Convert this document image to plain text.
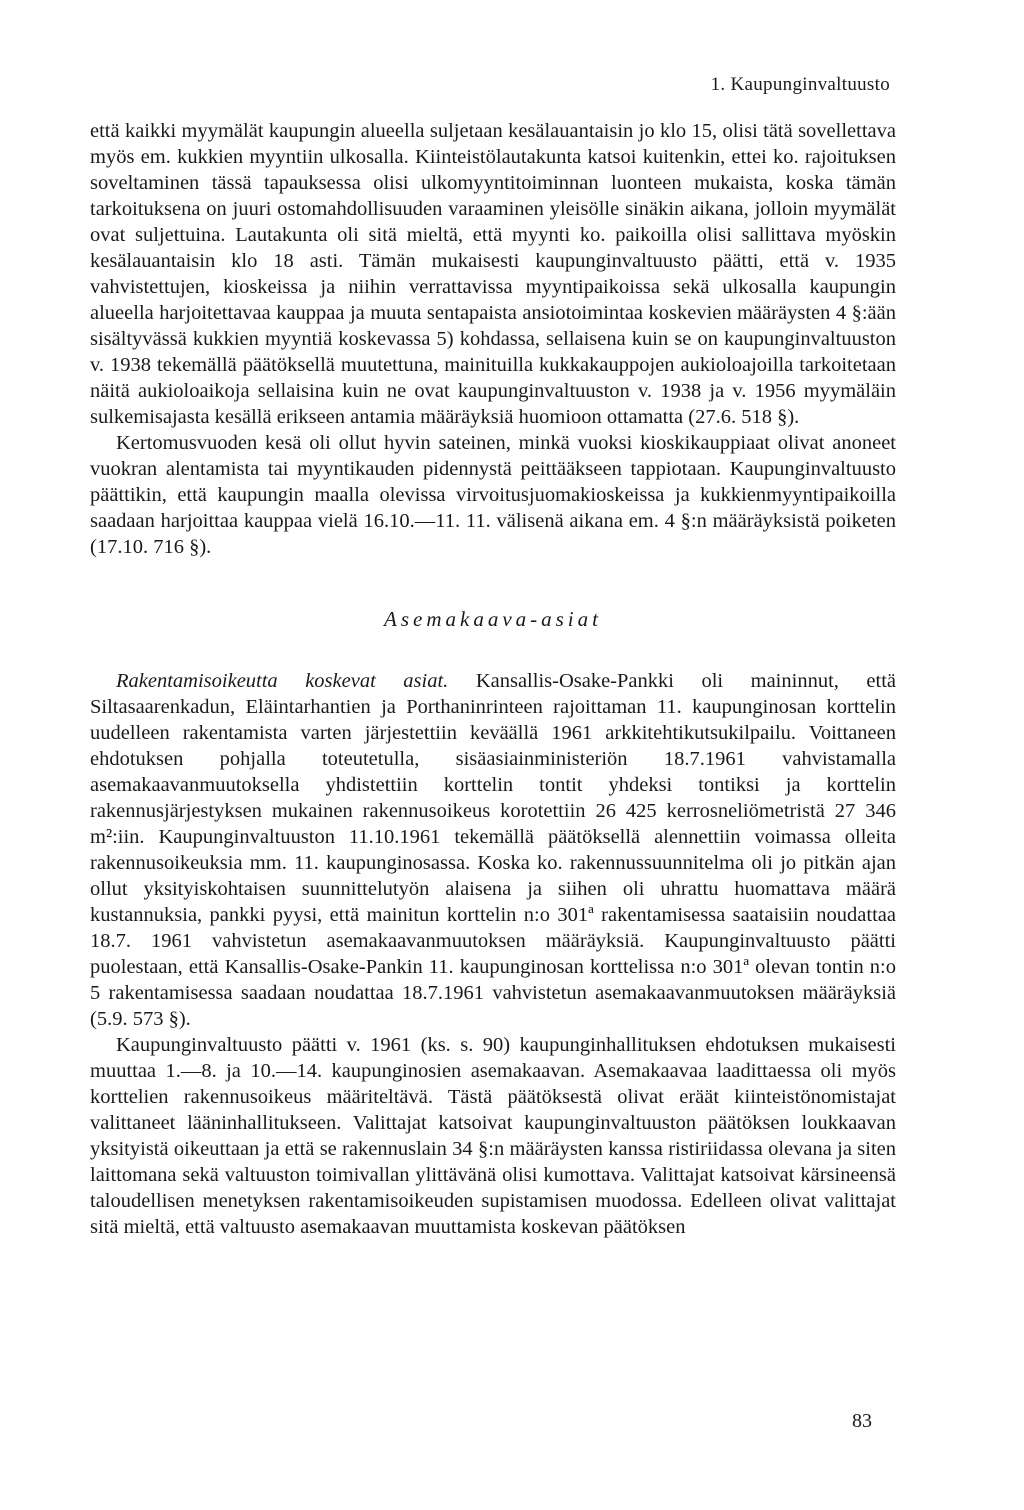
1. Kaupunginvaltuusto

että kaikki myymälät kaupungin alueella suljetaan kesälauantaisin jo klo 15, olisi tätä sovellettava myös em. kukkien myyntiin ulkosalla. Kiinteistölautakunta katsoi kuitenkin, ettei ko. rajoituksen soveltaminen tässä tapauksessa olisi ulkomyyntitoiminnan luonteen mukaista, koska tämän tarkoituksena on juuri ostomahdollisuuden varaaminen yleisölle sinäkin aikana, jolloin myymälät ovat suljettuina. Lautakunta oli sitä mieltä, että myynti ko. paikoilla olisi sallittava myöskin kesälauantaisin klo 18 asti. Tämän mukaisesti kaupunginvaltuusto päätti, että v. 1935 vahvistettujen, kioskeissa ja niihin verrattavissa myyntipaikoissa sekä ulkosalla kaupungin alueella harjoitettavaa kauppaa ja muuta sentapaista ansiotoimintaa koskevien määräysten 4 §:ään sisältyvässä kukkien myyntiä koskevassa 5) kohdassa, sellaisena kuin se on kaupunginvaltuuston v. 1938 tekemällä päätöksellä muutettuna, mainituilla kukkakauppojen aukioloajoilla tarkoitetaan näitä aukioloaikoja sellaisina kuin ne ovat kaupunginvaltuuston v. 1938 ja v. 1956 myymäläin sulkemisajasta kesällä erikseen antamia määräyksiä huomioon ottamatta (27.6. 518 §).

Kertomusvuoden kesä oli ollut hyvin sateinen, minkä vuoksi kioskikauppiaat olivat anoneet vuokran alentamista tai myyntikauden pidennystä peittääkseen tappiotaan. Kaupunginvaltuusto päättikin, että kaupungin maalla olevissa virvoitusjuomakioskeissa ja kukkienmyyntipaikoilla saadaan harjoittaa kauppaa vielä 16.10.—11. 11. välisenä aikana em. 4 §:n määräyksistä poiketen (17.10. 716 §).

Asemakaava-asiat

Rakentamisoikeutta koskevat asiat. Kansallis-Osake-Pankki oli maininnut, että Siltasaarenkadun, Eläintarhantien ja Porthaninrinteen rajoittaman 11. kaupunginosan korttelin uudelleen rakentamista varten järjestettiin keväällä 1961 arkkitehtikutsukilpailu. Voittaneen ehdotuksen pohjalla toteutetulla, sisäasiainministeriön 18.7.1961 vahvistamalla asemakaavanmuutoksella yhdistettiin korttelin tontit yhdeksi tontiksi ja korttelin rakennusjärjestyksen mukainen rakennusoikeus korotettiin 26 425 kerrosneliömetristä 27 346 m²:iin. Kaupunginvaltuuston 11.10.1961 tekemällä päätöksellä alennettiin voimassa olleita rakennusoikeuksia mm. 11. kaupunginosassa. Koska ko. rakennussuunnitelma oli jo pitkän ajan ollut yksityiskohtaisen suunnittelutyön alaisena ja siihen oli uhrattu huomattava määrä kustannuksia, pankki pyysi, että mainitun korttelin n:o 301ª rakentamisessa saataisiin noudattaa 18.7. 1961 vahvistetun asemakaavanmuutoksen määräyksiä. Kaupunginvaltuusto päätti puolestaan, että Kansallis-Osake-Pankin 11. kaupunginosan korttelissa n:o 301ª olevan tontin n:o 5 rakentamisessa saadaan noudattaa 18.7.1961 vahvistetun asemakaavanmuutoksen määräyksiä (5.9. 573 §).

Kaupunginvaltuusto päätti v. 1961 (ks. s. 90) kaupunginhallituksen ehdotuksen mukaisesti muuttaa 1.—8. ja 10.—14. kaupunginosien asemakaavan. Asemakaavaa laadittaessa oli myös korttelien rakennusoikeus määriteltävä. Tästä päätöksestä olivat eräät kiinteistönomistajat valittaneet lääninhallitukseen. Valittajat katsoivat kaupunginvaltuuston päätöksen loukkaavan yksityistä oikeuttaan ja että se rakennuslain 34 §:n määräysten kanssa ristiriidassa olevana ja siten laittomana sekä valtuuston toimivallan ylittävänä olisi kumottava. Valittajat katsoivat kärsineensä taloudellisen menetyksen rakentamisoikeuden supistamisen muodossa. Edelleen olivat valittajat sitä mieltä, että valtuusto asemakaavan muuttamista koskevan päätöksen

83
